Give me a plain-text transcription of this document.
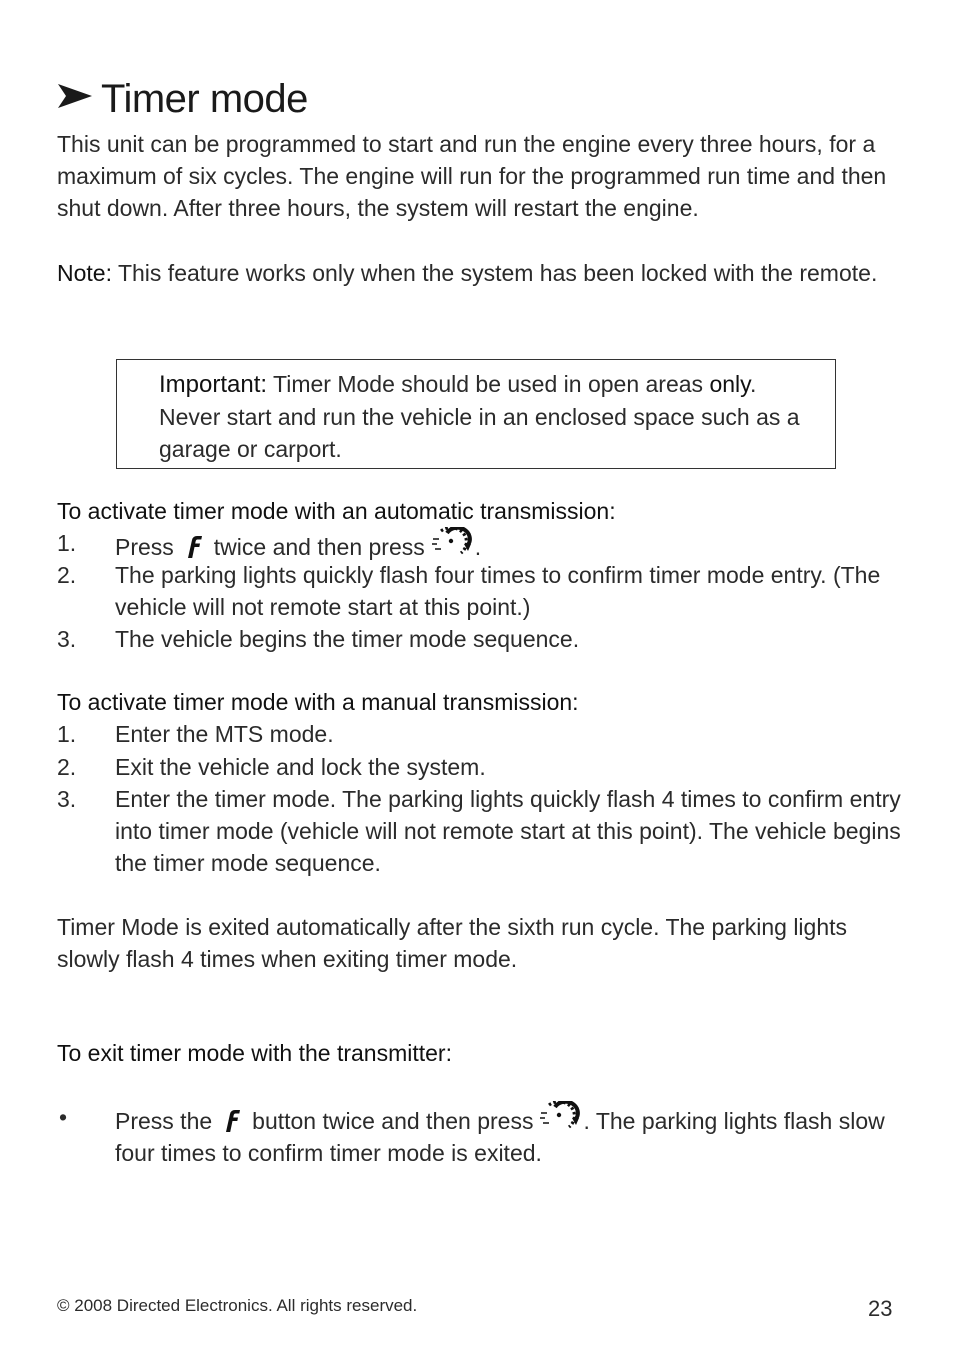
Timer mode
This unit can be programmed to start and run the engine every three hours, for a maximum of six cycles. The engine will run for the programmed run time and then shut down. After three hours, the system will restart the engine.
Note: This feature works only when the system has been locked with the remote.
Important: Timer Mode should be used in open areas only. Never start and run the vehicle in an enclosed space such as a garage or carport.
To activate timer mode with an automatic transmission:
1.	Press twice and then press .
2.	The parking lights quickly flash four times to confirm timer mode entry. (The vehicle will not remote start at this point.)
3.	The vehicle begins the timer mode sequence.
To activate timer mode with a manual transmission:
1.	Enter the MTS mode.
2.	Exit the vehicle and lock the system.
3.	Enter the timer mode. The parking lights quickly flash 4 times to confirm entry into timer mode (vehicle will not remote start at this point). The vehicle begins the timer mode sequence.
Timer Mode is exited automatically after the sixth run cycle. The parking lights slowly flash 4 times when exiting timer mode.
To exit timer mode with the transmitter:
•	Press the button twice and then press . The parking lights flash slow four times to confirm timer mode is exited.
© 2008 Directed Electronics. All rights reserved.	23
